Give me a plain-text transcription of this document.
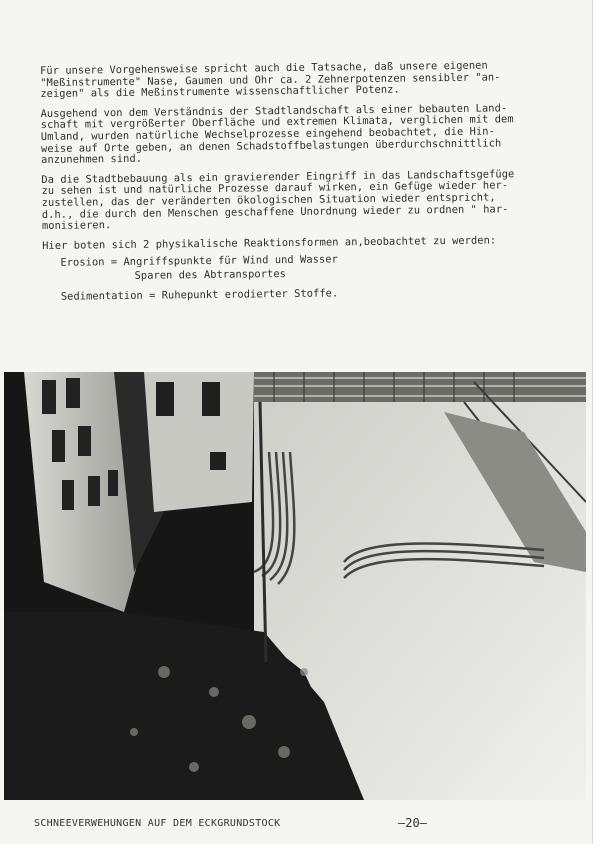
Für unsere Vorgehensweise spricht auch die Tatsache, daß unsere eigenen
"Meßinstrumente" Nase, Gaumen und Ohr ca. 2 Zehnerpotenzen sensibler "an-
zeigen" als die Meßinstrumente wissenschaftlicher Potenz.

Ausgehend von dem Verständnis der Stadtlandschaft als einer bebauten Land-
schaft mit vergrößerter Oberfläche und extremen Klimata, verglichen mit dem
Umland, wurden natürliche Wechselprozesse eingehend beobachtet, die Hin-
weise auf Orte geben, an denen Schadstoffbelastungen überdurchschnittlich
anzunehmen sind.

Da die Stadtbebauung als ein gravierender Eingriff in das Landschaftsgefüge
zu sehen ist und natürliche Prozesse darauf wirken, ein Gefüge wieder her-
zustellen, das der veränderten ökologischen Situation wieder entspricht,
d.h., die durch den Menschen geschaffene Unordnung wieder zu ordnen " har-
monisieren.

Hier boten sich 2 physikalische Reaktionsformen an,beobachtet zu werden:

Erosion = Angriffspunkte für Wind und Wasser

Sparen des Abtransportes

Sedimentation = Ruhepunkt erodierter Stoffe.

SCHNEEVERWEHUNGEN AUF DEM ECKGRUNDSTOCK	—20—
